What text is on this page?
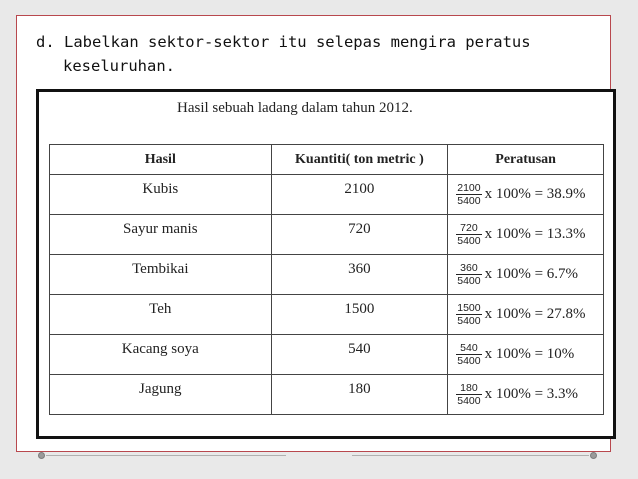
d. Labelkan sektor-sektor itu selepas mengira peratus
keseluruhan.
Hasil sebuah ladang dalam tahun 2012.
Hasil	Kuantiti( ton metric )	Peratusan
Kubis	2100	$\frac{2100}{5400}$ x 100% = 38.9%
Sayur manis	720	$\frac{720}{5400}$ x 100% = 13.3%
Tembikai	360	$\frac{360}{5400}$ x 100% = 6.7%
Teh	1500	$\frac{1500}{5400}$ x 100% = 27.8%
Kacang soya	540	$\frac{540}{5400}$ x 100% = 10%
Jagung	180	$\frac{180}{5400}$ x 100% = 3.3%
